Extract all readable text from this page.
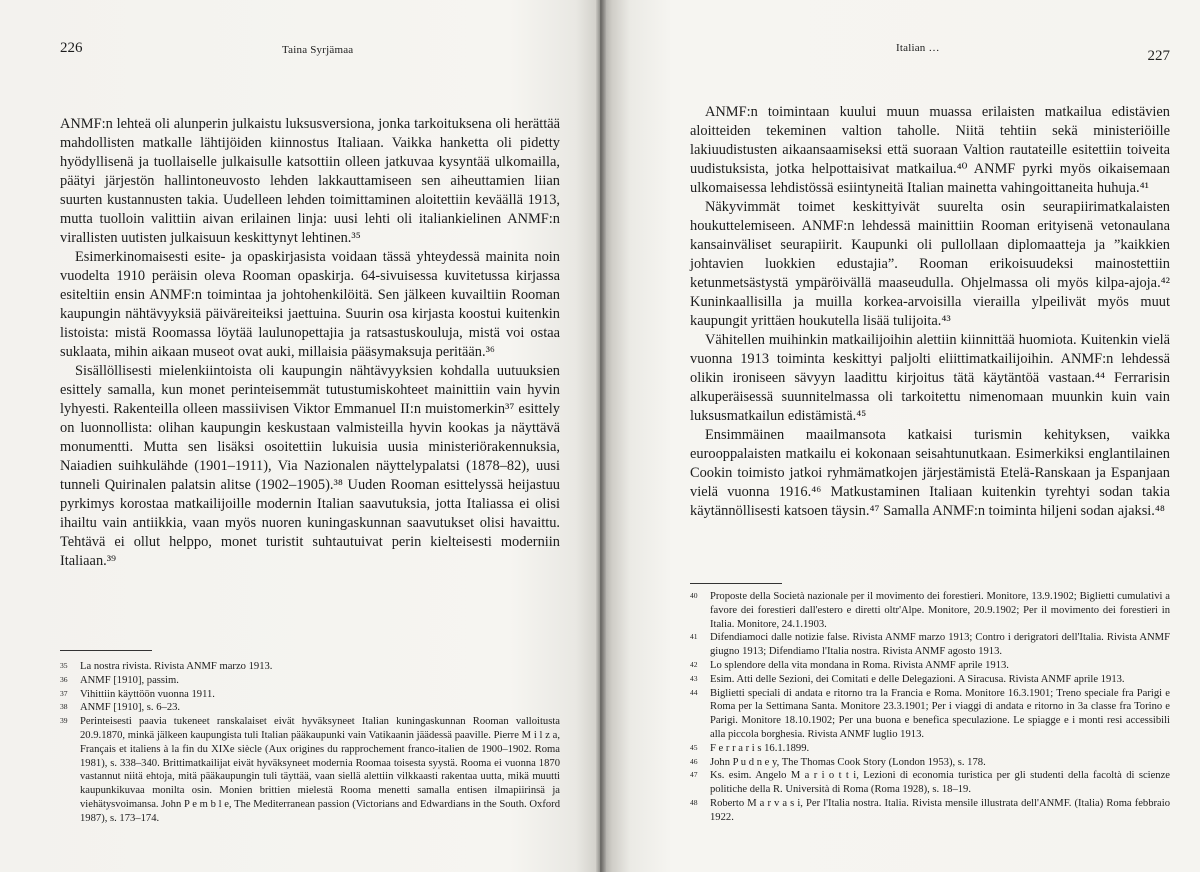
226	Taina Syrjämaa

ANMF:n lehteä oli alunperin julkaistu luksusversiona, jonka tarkoituksena oli herättää mahdollisten matkalle lähtijöiden kiinnostus Italiaan. Vaikka hanketta oli pidetty hyödyllisenä ja tuollaiselle julkaisulle katsottiin olleen jatkuvaa kysyntää ulkomailla, päätyi järjestön hallintoneuvosto lehden lakkauttamiseen sen aiheuttamien liian suurten kustannusten takia. Uudelleen lehden toimittaminen aloitettiin keväällä 1913, mutta tuolloin valittiin aivan erilainen linja: uusi lehti oli italiankielinen ANMF:n virallisten uutisten julkaisuun keskittynyt lehtinen.³⁵

Esimerkinomaisesti esite- ja opaskirjasista voidaan tässä yhteydessä mainita noin vuodelta 1910 peräisin oleva Rooman opaskirja. 64-sivuisessa kuvitetussa kirjassa esiteltiin ensin ANMF:n toimintaa ja johtohenkilöitä. Sen jälkeen kuvailtiin Rooman kaupungin nähtävyyksiä päiväreiteiksi jaettuina. Suurin osa kirjasta koostui kuitenkin listoista: mistä Roomassa löytää laulunopettajia ja ratsastuskouluja, mistä voi ostaa suklaata, mihin aikaan museot ovat auki, millaisia pääsymaksuja peritään.³⁶

Sisällöllisesti mielenkiintoista oli kaupungin nähtävyyksien kohdalla uutuuksien esittely samalla, kun monet perinteisemmät tutustumiskohteet mainittiin vain hyvin lyhyesti. Rakenteilla olleen massiivisen Viktor Emmanuel II:n muistomerkin³⁷ esittely on luonnollista: olihan kaupungin keskustaan valmisteilla hyvin kookas ja näyttävä monumentti. Mutta sen lisäksi osoitettiin lukuisia uusia ministeriörakennuksia, Naiadien suihkulähde (1901–1911), Via Nazionalen näyttelypalatsi (1878–82), uusi tunneli Quirinalen palatsin alitse (1902–1905).³⁸ Uuden Rooman esittelyssä heijastuu pyrkimys korostaa matkailijoille modernin Italian saavutuksia, jotta Italiassa ei olisi ihailtu vain antiikkia, vaan myös nuoren kuningaskunnan saavutukset olisi havaittu. Tehtävä ei ollut helppo, monet turistit suhtautuivat perin kielteisesti moderniin Italiaan.³⁹

35	La nostra rivista. Rivista ANMF marzo 1913.
36	ANMF [1910], passim.
37	Vihittiin käyttöön vuonna 1911.
38	ANMF [1910], s. 6–23.
39	Perinteisesti paavia tukeneet ranskalaiset eivät hyväksyneet Italian kuningaskunnan Rooman valloitusta 20.9.1870, minkä jälkeen kaupungista tuli Italian pääkaupunki vain Vatikaanin jäädessä paaville. Pierre M i l z a, Français et italiens à la fin du XIXe siècle (Aux origines du rapprochement franco-italien de 1900–1902. Roma 1981), s. 338–340. Brittimatkailijat eivät hyväksyneet modernia Roomaa toisesta syystä. Rooma ei vuonna 1870 vastannut niitä ehtoja, mitä pääkaupungin tuli täyttää, vaan siellä alettiin vilkkaasti rakentaa uutta, mikä muutti kaupunkikuvaa monilta osin. Monien brittien mielestä Rooma menetti samalla entisen ilmapiirinsä ja viehätysvoimansa. John P e m b l e, The Mediterranean passion (Victorians and Edwardians in the South. Oxford 1987), s. 173–174.
Italian …	227

ANMF:n toimintaan kuului muun muassa erilaisten matkailua edistävien aloitteiden tekeminen valtion taholle. Niitä tehtiin sekä ministeriöille lakiuudistusten aikaansaamiseksi että suoraan Valtion rautateille esitettiin toiveita uudistuksista, jotka helpottaisivat matkailua.⁴⁰ ANMF pyrki myös oikaisemaan ulkomaisessa lehdistössä esiintyneitä Italian mainetta vahingoittaneita huhuja.⁴¹

Näkyvimmät toimet keskittyivät suurelta osin seurapiirimatkalaisten houkuttelemiseen. ANMF:n lehdessä mainittiin Rooman erityisenä vetonaulana kansainväliset seurapiirit. Kaupunki oli pullollaan diplomaatteja ja ”kaikkien johtavien luokkien edustajia”. Rooman erikoisuudeksi mainostettiin ketunmetsästystä ympäröivällä maaseudulla. Ohjelmassa oli myös kilpa-ajoja.⁴² Kuninkaallisilla ja muilla korkea-arvoisilla vierailla ylpeilivät myös muut kaupungit yrittäen houkutella lisää tulijoita.⁴³

Vähitellen muihinkin matkailijoihin alettiin kiinnittää huomiota. Kuitenkin vielä vuonna 1913 toiminta keskittyi paljolti eliittimatkailijoihin. ANMF:n lehdessä olikin ironiseen sävyyn laadittu kirjoitus tätä käytäntöä vastaan.⁴⁴ Ferrarisin alkuperäisessä suunnitelmassa oli tarkoitettu nimenomaan muunkin kuin vain luksusmatkailun edistämistä.⁴⁵

Ensimmäinen maailmansota katkaisi turismin kehityksen, vaikka eurooppalaisten matkailu ei kokonaan seisahtunutkaan. Esimerkiksi englantilainen Cookin toimisto jatkoi ryhmämatkojen järjestämistä Etelä-Ranskaan ja Espanjaan vielä vuonna 1916.⁴⁶ Matkustaminen Italiaan kuitenkin tyrehtyi sodan takia käytännöllisesti katsoen täysin.⁴⁷ Samalla ANMF:n toiminta hiljeni sodan ajaksi.⁴⁸

40	Proposte della Società nazionale per il movimento dei forestieri. Monitore, 13.9.1902; Biglietti cumulativi a favore dei forestieri dall'estero e diretti oltr'Alpe. Monitore, 20.9.1902; Per il movimento dei forestieri in Italia. Monitore, 24.1.1903.
41	Difendiamoci dalle notizie false. Rivista ANMF marzo 1913; Contro i derigratori dell'Italia. Rivista ANMF giugno 1913; Difendiamo l'Italia nostra. Rivista ANMF agosto 1913.
42	Lo splendore della vita mondana in Roma. Rivista ANMF aprile 1913.
43	Esim. Atti delle Sezioni, dei Comitati e delle Delegazioni. A Siracusa. Rivista ANMF aprile 1913.
44	Biglietti speciali di andata e ritorno tra la Francia e Roma. Monitore 16.3.1901; Treno speciale fra Parigi e Roma per la Settimana Santa. Monitore 23.3.1901; Per i viaggi di andata e ritorno in 3a classe fra Torino e Parigi. Monitore 18.10.1902; Per una buona e benefica speculazione. Le spiagge e i monti resi accessibili alla piccola borghesia. Rivista ANMF luglio 1913.
45	F e r r a r i s 16.1.1899.
46	John P u d n e y, The Thomas Cook Story (London 1953), s. 178.
47	Ks. esim. Angelo M a r i o t t i, Lezioni di economia turistica per gli studenti della facoltà di scienze politiche della R. Università di Roma (Roma 1928), s. 18–19.
48	Roberto M a r v a s i, Per l'Italia nostra. Italia. Rivista mensile illustrata dell'ANMF. (Italia) Roma febbraio 1922.
